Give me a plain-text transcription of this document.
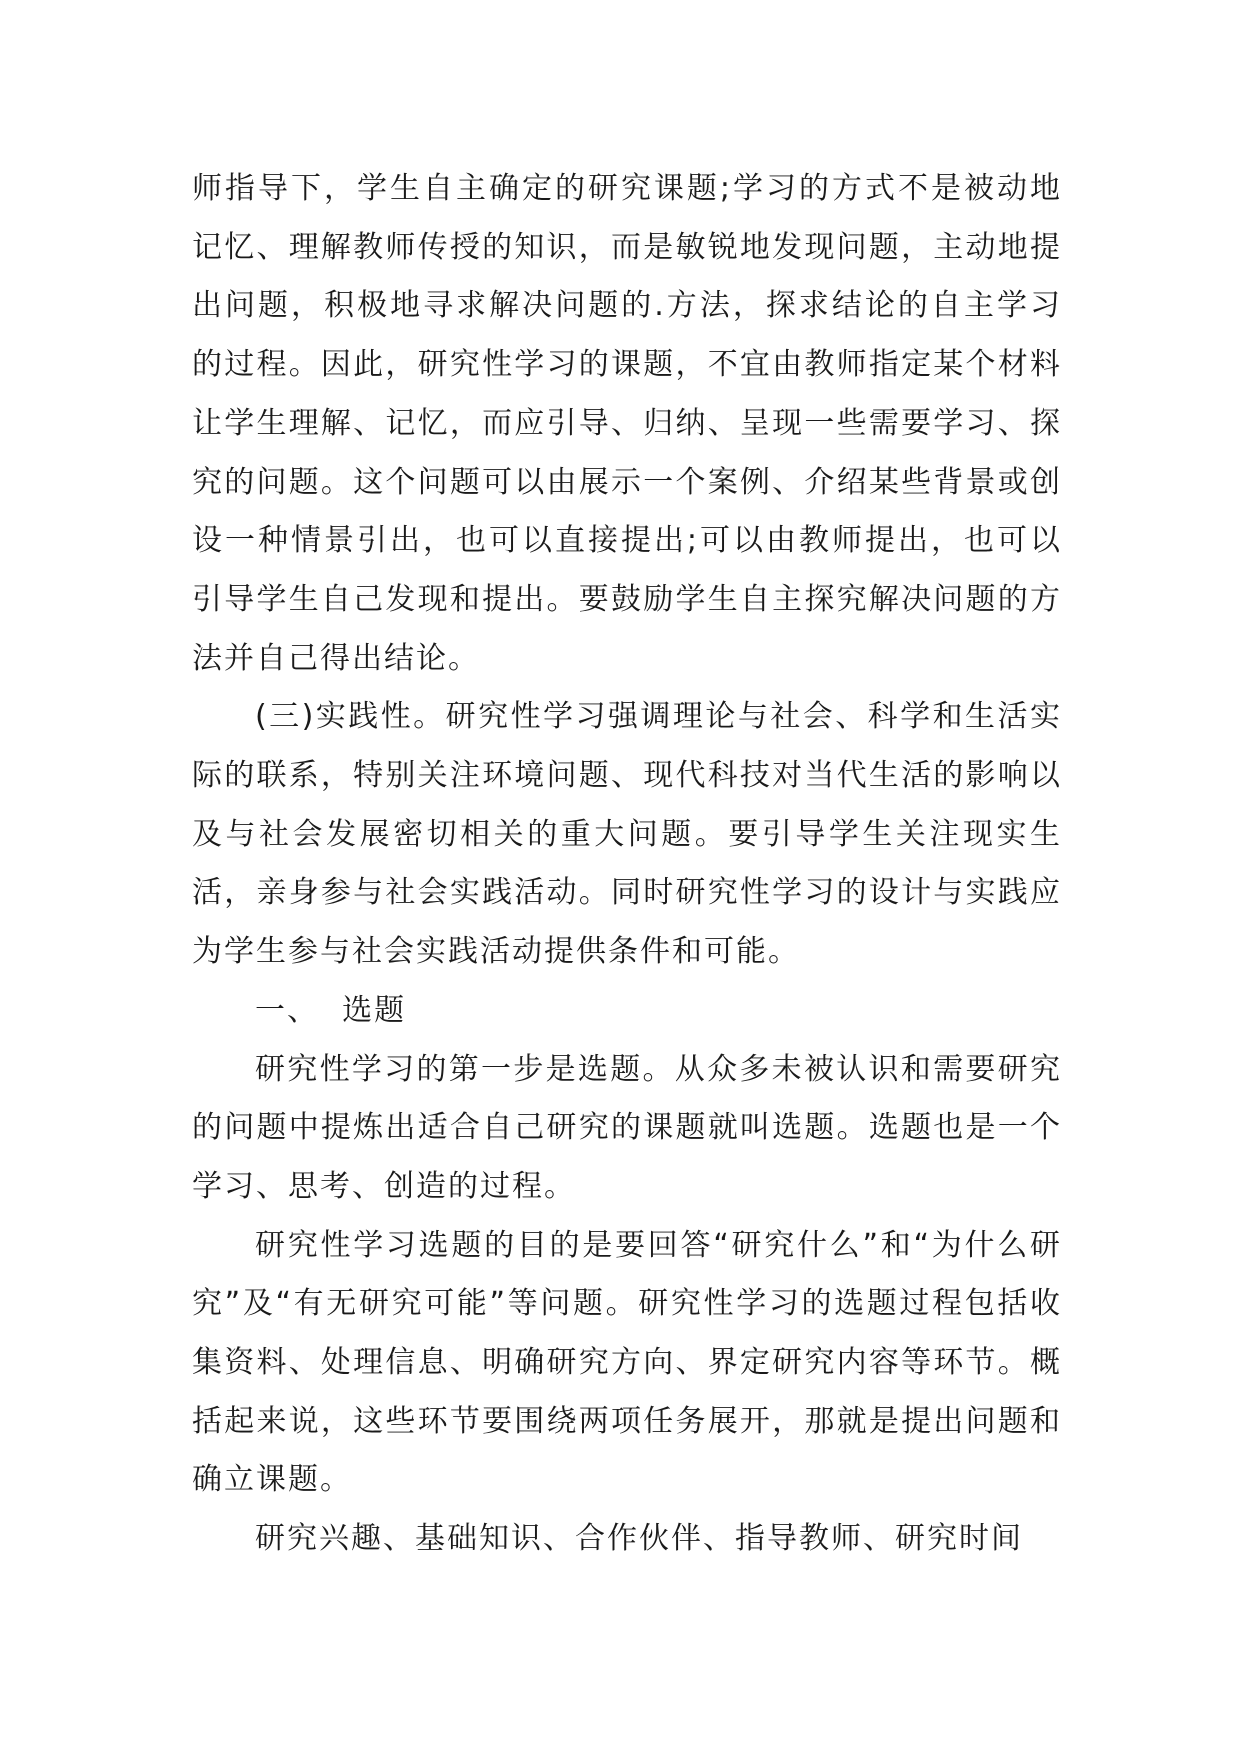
师指导下，学生自主确定的研究课题;学习的方式不是被动地记忆、理解教师传授的知识，而是敏锐地发现问题，主动地提出问题，积极地寻求解决问题的.方法，探求结论的自主学习的过程。因此，研究性学习的课题，不宜由教师指定某个材料让学生理解、记忆，而应引导、归纳、呈现一些需要学习、探究的问题。这个问题可以由展示一个案例、介绍某些背景或创设一种情景引出，也可以直接提出;可以由教师提出，也可以引导学生自己发现和提出。要鼓励学生自主探究解决问题的方法并自己得出结论。

(三)实践性。研究性学习强调理论与社会、科学和生活实际的联系，特别关注环境问题、现代科技对当代生活的影响以及与社会发展密切相关的重大问题。要引导学生关注现实生活，亲身参与社会实践活动。同时研究性学习的设计与实践应为学生参与社会实践活动提供条件和可能。

一、  选题

研究性学习的第一步是选题。从众多未被认识和需要研究的问题中提炼出适合自己研究的课题就叫选题。选题也是一个学习、思考、创造的过程。

研究性学习选题的目的是要回答“研究什么”和“为什么研究”及“有无研究可能”等问题。研究性学习的选题过程包括收集资料、处理信息、明确研究方向、界定研究内容等环节。概括起来说，这些环节要围绕两项任务展开，那就是提出问题和确立课题。

研究兴趣、基础知识、合作伙伴、指导教师、研究时间
